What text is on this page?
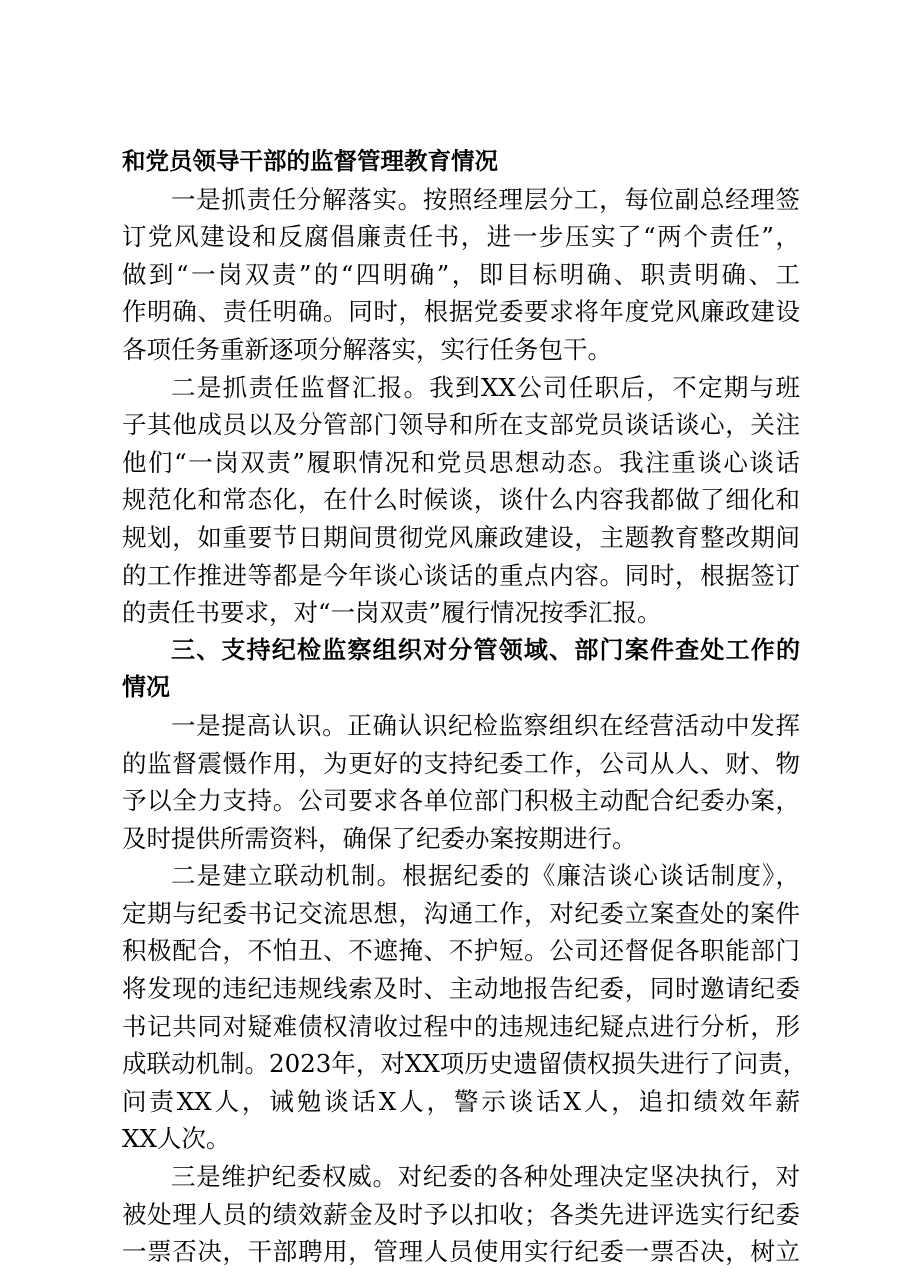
和党员领导干部的监督管理教育情况
一是抓责任分解落实。按照经理层分工，每位副总经理签
订党风建设和反腐倡廉责任书，进一步压实了“两个责任”，
做到“一岗双责”的“四明确”，即目标明确、职责明确、工
作明确、责任明确。同时，根据党委要求将年度党风廉政建设
各项任务重新逐项分解落实，实行任务包干。
二是抓责任监督汇报。我到XX公司任职后，不定期与班
子其他成员以及分管部门领导和所在支部党员谈话谈心，关注
他们“一岗双责”履职情况和党员思想动态。我注重谈心谈话
规范化和常态化，在什么时候谈，谈什么内容我都做了细化和
规划，如重要节日期间贯彻党风廉政建设，主题教育整改期间
的工作推进等都是今年谈心谈话的重点内容。同时，根据签订
的责任书要求，对“一岗双责”履行情况按季汇报。
三、支持纪检监察组织对分管领域、部门案件查处工作的
情况
一是提高认识。正确认识纪检监察组织在经营活动中发挥
的监督震慑作用，为更好的支持纪委工作，公司从人、财、物
予以全力支持。公司要求各单位部门积极主动配合纪委办案，
及时提供所需资料，确保了纪委办案按期进行。
二是建立联动机制。根据纪委的《廉洁谈心谈话制度》，
定期与纪委书记交流思想，沟通工作，对纪委立案查处的案件
积极配合，不怕丑、不遮掩、不护短。公司还督促各职能部门
将发现的违纪违规线索及时、主动地报告纪委，同时邀请纪委
书记共同对疑难债权清收过程中的违规违纪疑点进行分析，形
成联动机制。2023年，对XX项历史遗留债权损失进行了问责，
问责XX人，诫勉谈话X人，警示谈话X人，追扣绩效年薪
XX人次。
三是维护纪委权威。对纪委的各种处理决定坚决执行，对
被处理人员的绩效薪金及时予以扣收；各类先进评选实行纪委
一票否决，干部聘用，管理人员使用实行纪委一票否决，树立
